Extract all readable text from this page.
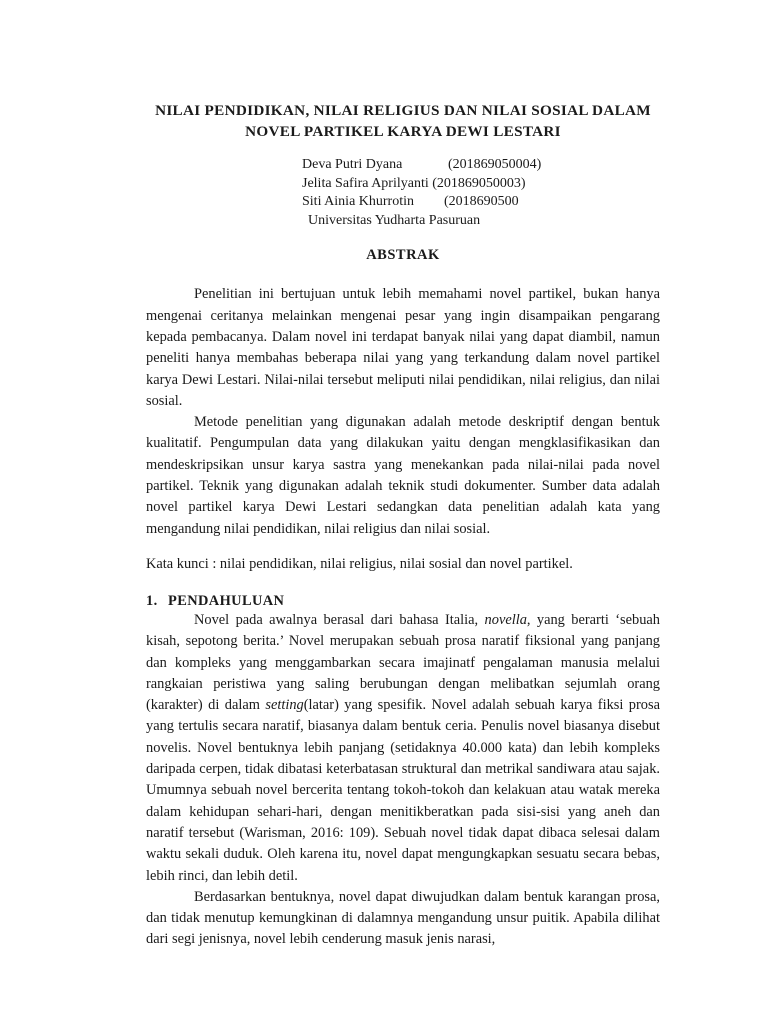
NILAI PENDIDIKAN, NILAI RELIGIUS DAN NILAI SOSIAL DALAM
NOVEL PARTIKEL KARYA DEWI LESTARI
Deva Putri Dyana	(201869050004)
Jelita Safira Aprilyanti (201869050003)
Siti Ainia Khurrotin (2018690500
Universitas Yudharta Pasuruan
ABSTRAK

Penelitian ini bertujuan untuk lebih memahami novel partikel, bukan hanya mengenai ceritanya melainkan mengenai pesar yang ingin disampaikan pengarang kepada pembacanya. Dalam novel ini terdapat banyak nilai yang dapat diambil, namun peneliti hanya membahas beberapa nilai yang yang terkandung dalam novel partikel karya Dewi Lestari. Nilai-nilai tersebut meliputi nilai pendidikan, nilai religius, dan nilai sosial.

Metode penelitian yang digunakan adalah metode deskriptif dengan bentuk kualitatif. Pengumpulan data yang dilakukan yaitu dengan mengklasifikasikan dan mendeskripsikan unsur karya sastra yang menekankan pada nilai-nilai pada novel partikel. Teknik yang digunakan adalah teknik studi dokumenter. Sumber data adalah novel partikel karya Dewi Lestari sedangkan data penelitian adalah kata yang mengandung nilai pendidikan, nilai religius dan nilai sosial.

Kata kunci : nilai pendidikan, nilai religius, nilai sosial dan novel partikel.
1. PENDAHULUAN

Novel pada awalnya berasal dari bahasa Italia, novella, yang berarti ‘sebuah kisah, sepotong berita.’ Novel merupakan sebuah prosa naratif fiksional yang panjang dan kompleks yang menggambarkan secara imajinatf pengalaman manusia melalui rangkaian peristiwa yang saling berubungan dengan melibatkan sejumlah orang (karakter) di dalam setting(latar) yang spesifik. Novel adalah sebuah karya fiksi prosa yang tertulis secara naratif, biasanya dalam bentuk ceria. Penulis novel biasanya disebut novelis. Novel bentuknya lebih panjang (setidaknya 40.000 kata) dan lebih kompleks daripada cerpen, tidak dibatasi keterbatasan struktural dan metrikal sandiwara atau sajak. Umumnya sebuah novel bercerita tentang tokoh-tokoh dan kelakuan atau watak mereka dalam kehidupan sehari-hari, dengan menitikberatkan pada sisi-sisi yang aneh dan naratif tersebut (Warisman, 2016: 109). Sebuah novel tidak dapat dibaca selesai dalam waktu sekali duduk. Oleh karena itu, novel dapat mengungkapkan sesuatu secara bebas, lebih rinci, dan lebih detil.

Berdasarkan bentuknya, novel dapat diwujudkan dalam bentuk karangan prosa, dan tidak menutup kemungkinan di dalamnya mengandung unsur puitik. Apabila dilihat dari segi jenisnya, novel lebih cenderung masuk jenis narasi,
